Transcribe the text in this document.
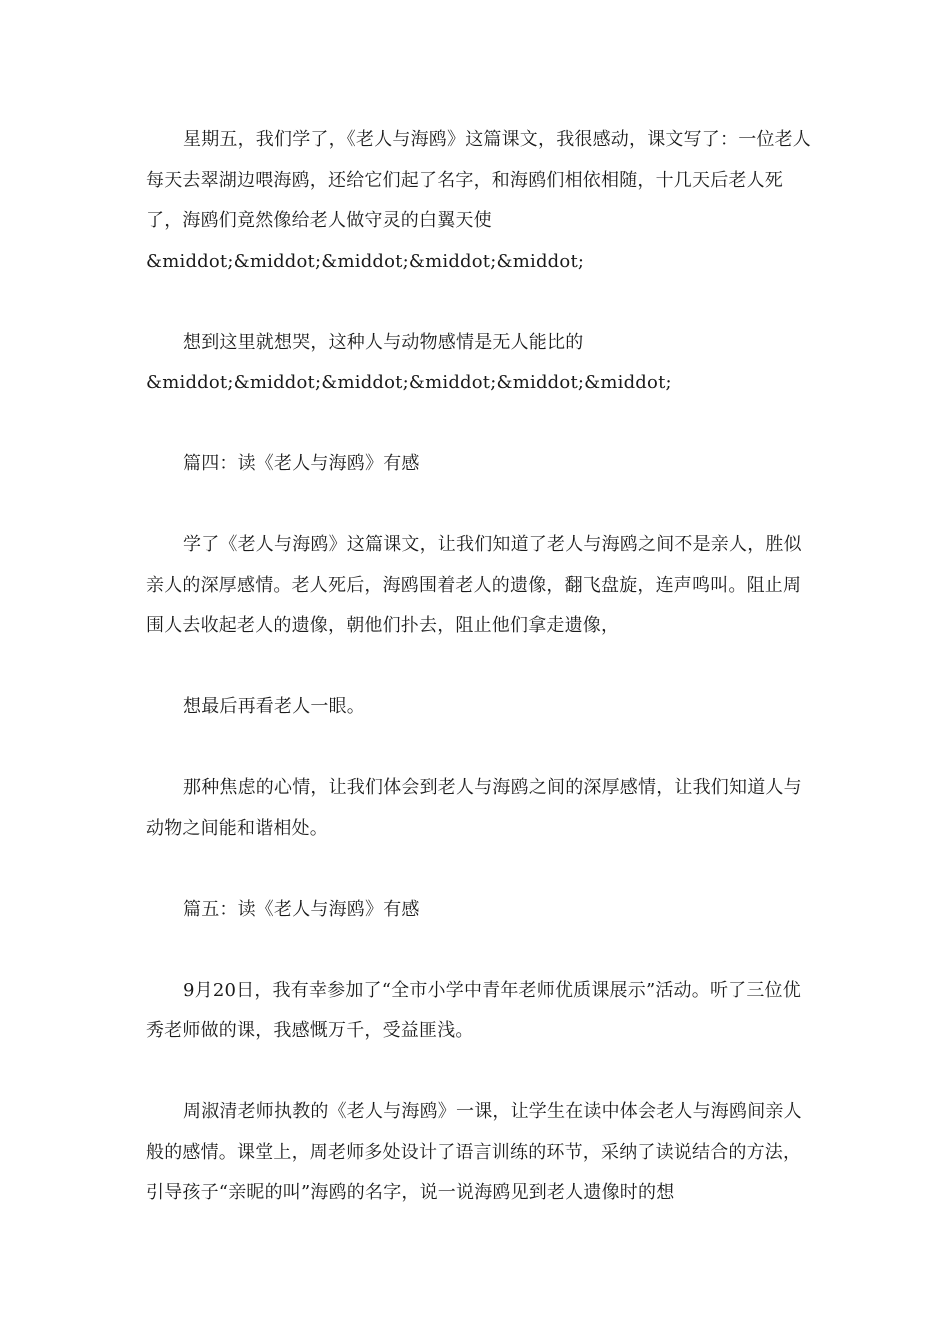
星期五，我们学了，《老人与海鸥》这篇课文，我很感动，课文写了：一位老人每天去翠湖边喂海鸥，还给它们起了名字，和海鸥们相依相随，十几天后老人死了，海鸥们竟然像给老人做守灵的白翼天使

&middot;&middot;&middot;&middot;&middot;

想到这里就想哭，这种人与动物感情是无人能比的

&middot;&middot;&middot;&middot;&middot;&middot;

篇四：读《老人与海鸥》有感

学了《老人与海鸥》这篇课文，让我们知道了老人与海鸥之间不是亲人，胜似亲人的深厚感情。老人死后，海鸥围着老人的遗像，翻飞盘旋，连声鸣叫。阻止周围人去收起老人的遗像，朝他们扑去，阻止他们拿走遗像，

想最后再看老人一眼。

那种焦虑的心情，让我们体会到老人与海鸥之间的深厚感情，让我们知道人与动物之间能和谐相处。

篇五：读《老人与海鸥》有感

9月20日，我有幸参加了“全市小学中青年老师优质课展示”活动。听了三位优秀老师做的课，我感慨万千，受益匪浅。

周淑清老师执教的《老人与海鸥》一课，让学生在读中体会老人与海鸥间亲人般的感情。课堂上，周老师多处设计了语言训练的环节，采纳了读说结合的方法，引导孩子“亲昵的叫”海鸥的名字，说一说海鸥见到老人遗像时的想
